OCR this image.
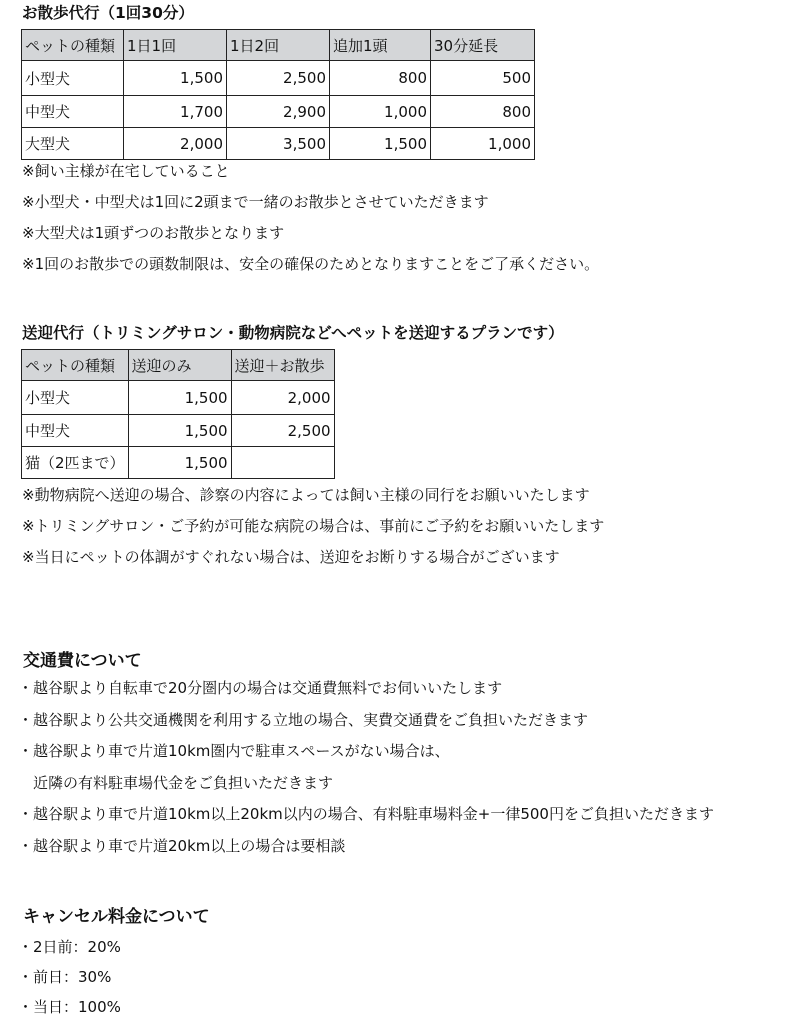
お散歩代行（1回30分）
ペットの種類	1日1回	1日2回	追加1頭	30分延長
小型犬	1,500	2,500	800	500
中型犬	1,700	2,900	1,000	800
大型犬	2,000	3,500	1,500	1,000
※飼い主様が在宅していること
※小型犬・中型犬は1回に2頭まで一緒のお散歩とさせていただきます
※大型犬は1頭ずつのお散歩となります
※1回のお散歩での頭数制限は、安全の確保のためとなりますことをご了承ください。
送迎代行（トリミングサロン・動物病院などへペットを送迎するプランです）
ペットの種類	送迎のみ	送迎＋お散歩
小型犬	1,500	2,000
中型犬	1,500	2,500
猫（2匹まで）	1,500	
※動物病院へ送迎の場合、診察の内容によっては飼い主様の同行をお願いいたします
※トリミングサロン・ご予約が可能な病院の場合は、事前にご予約をお願いいたします
※当日にペットの体調がすぐれない場合は、送迎をお断りする場合がございます
交通費について
・越谷駅より自転車で20分圏内の場合は交通費無料でお伺いいたします
・越谷駅より公共交通機関を利用する立地の場合、実費交通費をご負担いただきます
・越谷駅より車で片道10km圏内で駐車スペースがない場合は、
　近隣の有料駐車場代金をご負担いただきます
・越谷駅より車で片道10km以上20km以内の場合、有料駐車場料金+一律500円をご負担いただきます
・越谷駅より車で片道20km以上の場合は要相談
キャンセル料金について
・2日前：20%
・前日：30%
・当日：100%
